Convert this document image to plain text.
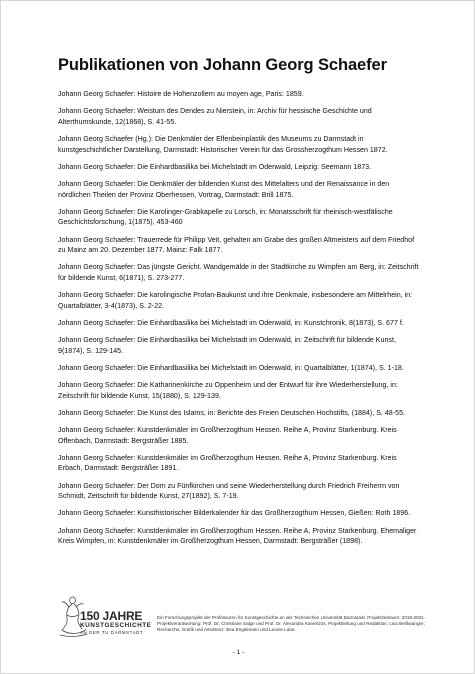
Publikationen von Johann Georg Schaefer

Johann Georg Schaefer: Histoire de Hohenzollern au moyen age, Paris: 1859.

Johann Georg Schaefer: Weistum des Dendes zu Nierstein, in: Archiv für hessische Geschichte und Alterthumskunde, 12(1868), S. 41-55.

Johann Georg Schaefer (Hg.): Die Denkmäler der Elfenbeinplastik des Museums zu Darmstadt in kunstgeschichtlicher Darstellung, Darmstadt: Historischer Verein für das Grossherzogthum Hessen 1872.

Johann Georg Schaefer: Die Einhardbasilika bei Michelstadt im Odenwald, Leipzig: Seemann 1873.

Johann Georg Schaefer: Die Denkmäler der bildenden Kunst des Mittelalters und der Renaissance in den nördlichen Theilen der Provinz Oberhessen, Vortrag, Darmstadt: Brill 1875.

Johann Georg Schaefer: Die Karolinger-Grabkapelle zu Lorsch, in: Monatsschrift für rheinisch-westfälische Geschichtsforschung, 1(1875), 453-460

Johann Georg Schaefer: Trauerrede für Philipp Veit, gehalten am Grabe des großen Altmeisters auf dem Friedhof zu Mainz am 20. Dezember 1877. Mainz: Falk 1877.

Johann Georg Schaefer: Das jüngste Gericht. Wandgemälde in der Stadtkirche zu Wimpfen am Berg, in: Zeitschrift für bildende Kunst, 6(1871), S. 273-277.

Johann Georg Schaefer: Die karolingische Profan-Baukunst und ihre Denkmale, insbesondere am Mittelrhein, in: Quartalblätter, 3-4(1873), S. 2-22.

Johann Georg Schaefer: Die Einhardbasilika bei Michelstadt im Odenwald, in: Kunstchronik, 8(1873), S. 677 f.

Johann Georg Schaefer: Die Einhardbasilika bei Michelstadt im Odenwald, in: Zeitschrift für bildende Kunst, 9(1874), S. 129-145.

Johann Georg Schaefer: Die Einhardbasilika bei Michelstadt im Odenwald, in: Quartalblätter, 1(1874), S. 1-18.

Johann Georg Schaefer: Die Katharinenkirche zu Oppenheim und der Entwurf für ihre Wiederherstellung, in: Zeitschrift für bildende Kunst, 15(1880), S. 129-139.

Johann Georg Schaefer: Die Kunst des Islams, in: Berichte des Freien Deutschen Hochstifts, (1884), S. 48-55.

Johann Georg Schaefer: Kunstdenkmäler im Großherzogthum Hessen. Reihe A, Provinz Starkenburg. Kreis Offenbach, Darmstadt: Bergsträßer 1885.

Johann Georg Schaefer: Kunstdenkmäler im Großherzogthum Hessen. Reihe A, Provinz Starkenburg. Kreis Erbach, Darmstadt: Bergsträßer 1891.

Johann Georg Schaefer: Der Dom zu Fünfkirchen und seine Wiederherstellung durch Friedrich Freiherrn von Schmidt, Zeitschrift für bildende Kunst, 27(1892), S. 7-19.

Johann Georg Schaefer: Kunsthistorischer Bilderkalender für das Großherzogthum Hessen, Gießen: Roth 1896.

Johann Georg Schaefer: Kunstdenkmäler im Großherzogthum Hessen. Reihe A, Provinz Starkenburg. Ehemaliger Kreis Wimpfen, in: Kunstdenkmäler im Großherzogthum Hessen, Darmstadt: Bergsträßer (1898).

150 JAHRE
KUNSTGESCHICHTE
AN DER TU DARMSTADT
Ein Forschungsprojekt der Professuren für Kunstgeschichte an der Technischen Universität Darmstadt. Projektzeitraum: 2019-2021. Projektverantwortung: Prof. Dr. Christiane Salge und Prof. Dr. Alexandra Karentzos. Projektleitung und Redaktion: Lisa Beißwanger; Recherche, Grafik und Assistenz: Bea Engelmann und Leonie Lube.
- 1 -
